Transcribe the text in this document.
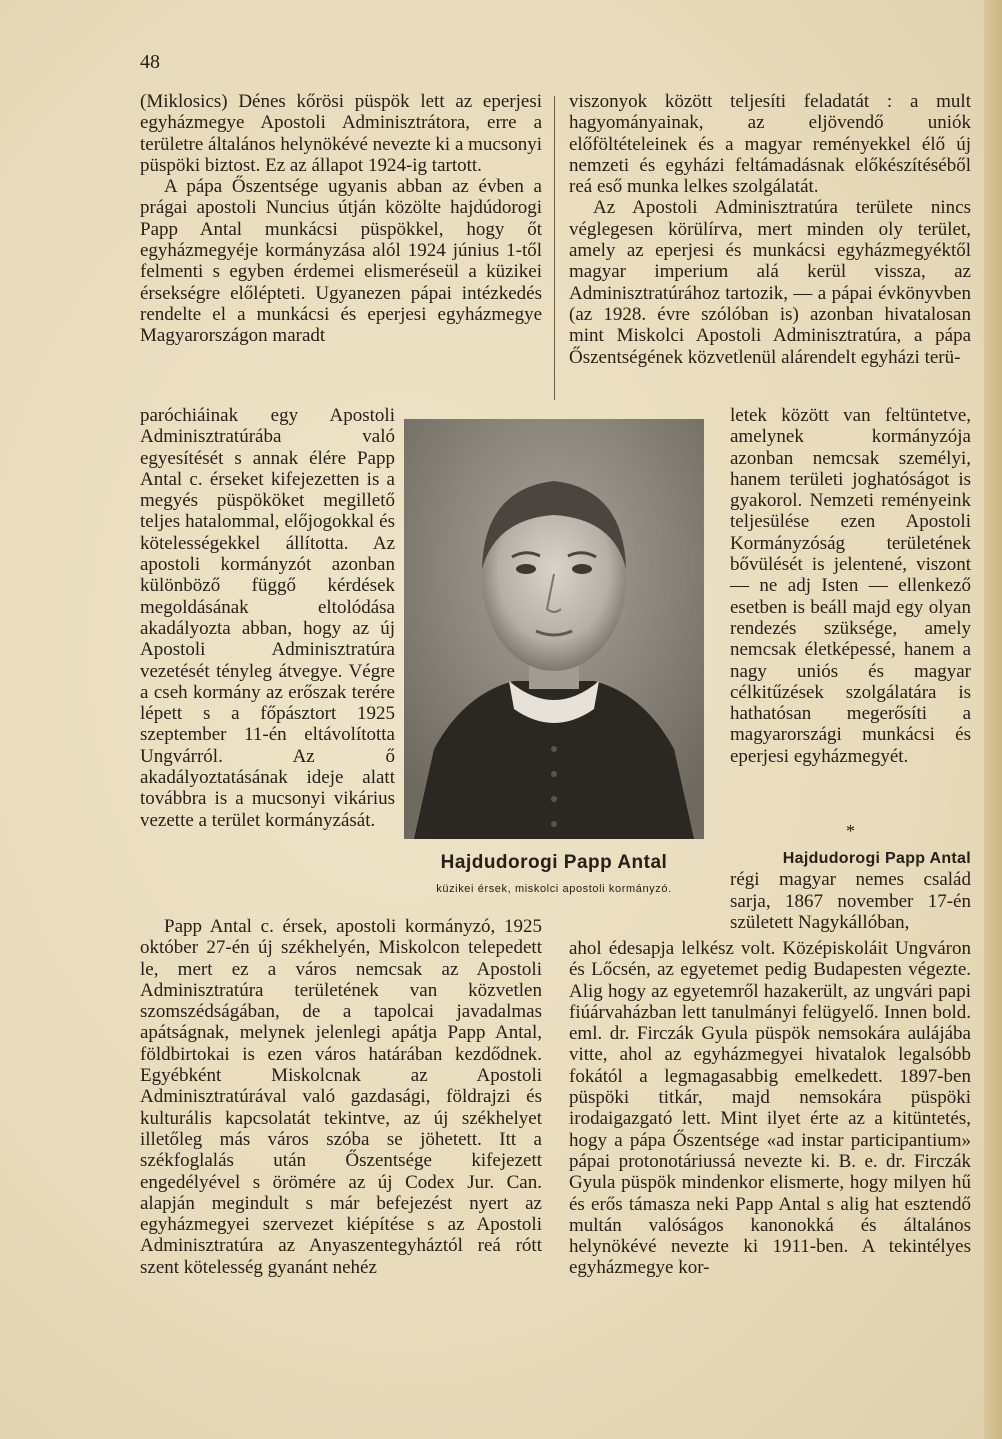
48

(Miklosics) Dénes kőrösi püspök lett az eperjesi egyházmegye Apostoli Adminisztrátora, erre a területre általános helynökévé nevezte ki a mucsonyi püspöki biztost. Ez az állapot 1924-ig tartott.

A pápa Őszentsége ugyanis abban az évben a prágai apostoli Nuncius útján közölte hajdúdorogi Papp Antal munkácsi püspökkel, hogy őt egyházmegyéje kormányzása alól 1924 június 1-től felmenti s egyben érdemei elismeréseül a küzikei érsekségre előlépteti. Ugyanezen pápai intézkedés rendelte el a munkácsi és eperjesi egyházmegye Magyarországon maradt

paróchiáinak egy Apostoli Adminisztratúrába való egyesítését s annak élére Papp Antal c. érseket kifejezetten is a megyés püspököket megillető teljes hatalommal, előjogokkal és kötelességekkel állította. Az apostoli kormányzót azonban különböző függő kérdések megoldásának eltolódása akadályozta abban, hogy az új Apostoli Adminisztratúra vezetését tényleg átvegye. Végre a cseh kormány az erőszak terére lépett s a főpásztort 1925 szeptember 11-én eltávolította Ungvárról. Az ő akadályoztatásának ideje alatt továbbra is a mucsonyi vikárius vezette a terület kormányzását.

Papp Antal c. érsek, apostoli kormányzó, 1925 október 27-én új székhelyén, Miskolcon telepedett le, mert ez a város nemcsak az Apostoli Adminisztratúra területének van közvetlen szomszédságában, de a tapolcai javadalmas apátságnak, melynek jelenlegi apátja Papp Antal, földbirtokai is ezen város határában kezdődnek. Egyébként Miskolcnak az Apostoli Adminisztratúrával való gazdasági, földrajzi és kulturális kapcsolatát tekintve, az új székhelyet illetőleg más város szóba se jöhetett. Itt a székfoglalás után Őszentsége kifejezett engedélyével s örömére az új Codex Jur. Can. alapján megindult s már befejezést nyert az egyházmegyei szervezet kiépítése s az Apostoli Adminisztratúra az Anyaszentegyháztól reá rótt szent kötelesség gyanánt nehéz

viszonyok között teljesíti feladatát : a mult hagyományainak, az eljövendő uniók előföltételeinek és a magyar reményekkel élő új nemzeti és egyházi feltámadásnak előkészítéséből reá eső munka lelkes szolgálatát.

Az Apostoli Adminisztratúra területe nincs véglegesen körülírva, mert minden oly terület, amely az eperjesi és munkácsi egyházmegyéktől magyar imperium alá kerül vissza, az Adminisztratúrához tartozik, — a pápai évkönyvben (az 1928. évre szólóban is) azonban hivatalosan mint Miskolci Apostoli Adminisztratúra, a pápa Őszentségének közvetlenül alárendelt egyházi terü-

letek között van feltüntetve, amelynek kormányzója azonban nemcsak személyi, hanem területi joghatóságot is gyakorol. Nemzeti reményeink teljesülése ezen Apostoli Kormányzóság területének bővülését is jelentené, viszont — ne adj Isten — ellenkező esetben is beáll majd egy olyan rendezés szüksége, amely nemcsak életképessé, hanem a nagy uniós és magyar célkitűzések szolgálatára is hathatósan megerősíti a magyarországi munkácsi és eperjesi egyházmegyét.

*

Hajdudorogi Papp Antal

régi magyar nemes család sarja, 1867 november 17-én született Nagykállóban,

ahol édesapja lelkész volt. Középiskoláit Ungváron és Lőcsén, az egyetemet pedig Budapesten végezte. Alig hogy az egyetemről hazakerült, az ungvári papi fiúárvaházban lett tanulmányi felügyelő. Innen bold. eml. dr. Firczák Gyula püspök nemsokára aulájába vitte, ahol az egyházmegyei hivatalok legalsóbb fokától a legmagasabbig emelkedett. 1897-ben püspöki titkár, majd nemsokára püspöki irodaigazgató lett. Mint ilyet érte az a kitüntetés, hogy a pápa Őszentsége «ad instar participantium» pápai protonotáriussá nevezte ki. B. e. dr. Firczák Gyula püspök mindenkor elismerte, hogy milyen hű és erős támasza neki Papp Antal s alig hat esztendő multán valóságos kanonokká és általános helynökévé nevezte ki 1911-ben. A tekintélyes egyházmegye kor-

Hajdudorogi Papp Antal
küzikei érsek, miskolci apostoli kormányzó.
